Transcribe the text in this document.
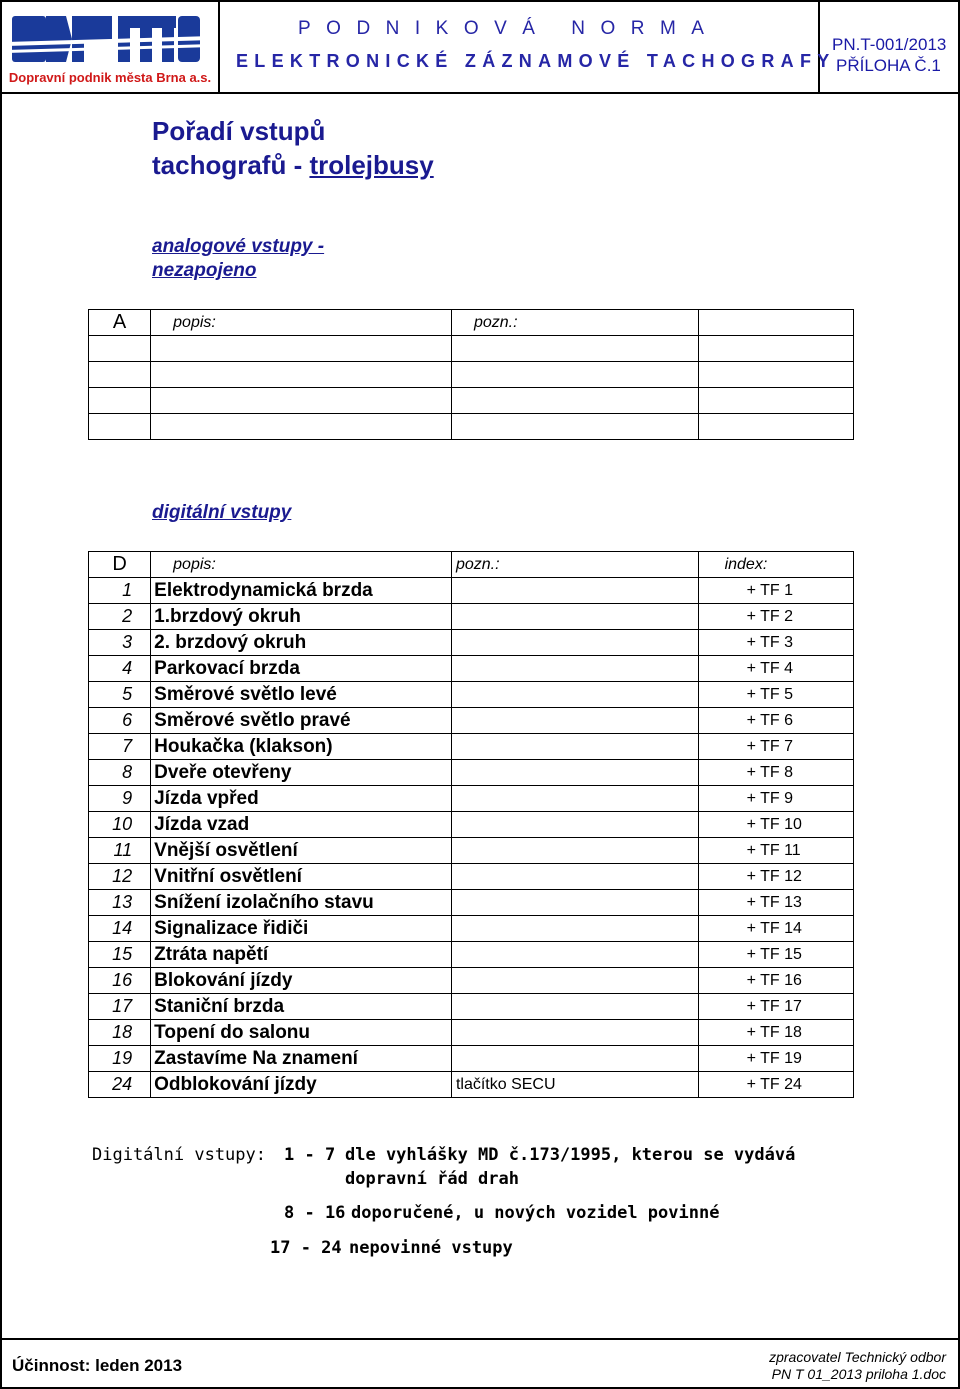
Dopravní podnik města Brna a.s.
PODNIKOVÁ NORMA
ELEKTRONICKÉ ZÁZNAMOVÉ TACHOGRAFY
PN.T-001/2013
PŘÍLOHA Č.1
Pořadí vstupů
tachografů - trolejbusy
analogové vstupy -
nezapojeno
A	popis:	pozn.:	

digitální vstupy
D	popis:	pozn.:	index:
1	Elektrodynamická brzda		+ TF 1
2	1.brzdový okruh		+ TF 2
3	2. brzdový okruh		+ TF 3
4	Parkovací brzda		+ TF 4
5	Směrové světlo levé		+ TF 5
6	Směrové světlo pravé		+ TF 6
7	Houkačka (klakson)		+ TF 7
8	Dveře otevřeny		+ TF 8
9	Jízda vpřed		+ TF 9
10	Jízda vzad		+ TF 10
11	Vnější osvětlení		+ TF 11
12	Vnitřní osvětlení		+ TF 12
13	Snížení izolačního stavu		+ TF 13
14	Signalizace řidiči		+ TF 14
15	Ztráta napětí		+ TF 15
16	Blokování jízdy		+ TF 16
17	Staniční brzda		+ TF 17
18	Topení do salonu		+ TF 18
19	Zastavíme Na znamení		+ TF 19
24	Odblokování jízdy	tlačítko SECU	+ TF 24
Digitální vstupy: 1 - 7 dle vyhlášky MD č.173/1995, kterou se vydává
dopravní řád drah
8 - 16 doporučené, u nových vozidel povinné
17 - 24 nepovinné vstupy
Účinnost: leden 2013	zpracovatel Technický odbor
PN T 01_2013 priloha 1.doc
